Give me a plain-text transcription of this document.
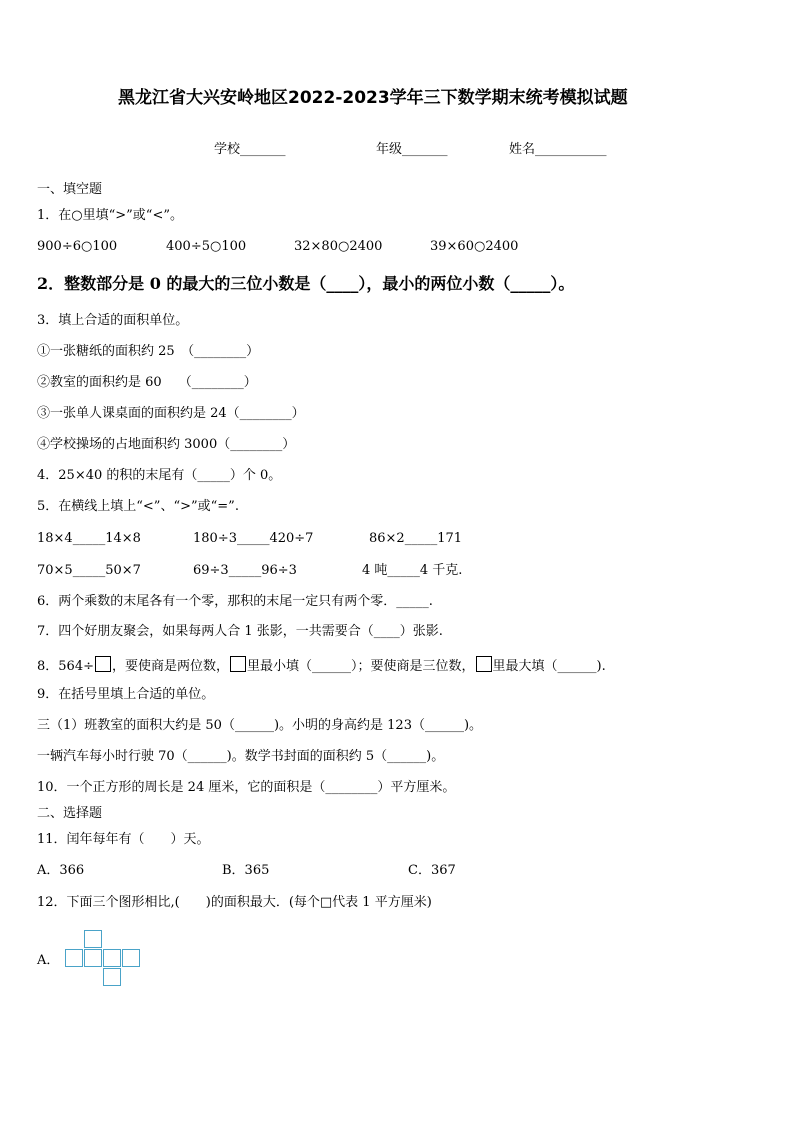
黑龙江省大兴安岭地区2022-2023学年三下数学期末统考模拟试题
学校_______	年级_______	姓名___________
一、填空题
1．在○里填“>”或“<”。
900÷6○100	400÷5○100	32×80○2400	39×60○2400
2．整数部分是 0 的最大的三位小数是（____），最小的两位小数（_____）。
3．填上合适的面积单位。
①一张糖纸的面积约 25　（________）
②教室的面积约是 60　 （________）
③一张单人课桌面的面积约是 24（________）
④学校操场的占地面积约 3000（________）
4．25×40 的积的末尾有（_____）个 0。
5．在横线上填上“<”、“>”或“=”.
18×4_____14×8	180÷3_____420÷7	86×2_____171
70×5_____50×7	69÷3_____96÷3	4 吨_____4 千克.
6．两个乘数的末尾各有一个零，那积的末尾一定只有两个零．_____.
7．四个好朋友聚会，如果每两人合 1 张影，一共需要合（____）张影.
8．564÷ ，要使商是两位数， 里最小填（______）；要使商是三位数， 里最大填（______).
9．在括号里填上合适的单位。
三（1）班教室的面积大约是 50（______)。小明的身高约是 123（______)。
一辆汽车每小时行驶 70（______)。数学书封面的面积约 5（______)。
10．一个正方形的周长是 24 厘米，它的面积是（________）平方厘米。
二、选择题
11．闰年每年有（　　）天。
A．366	B．365	C．367
12．下面三个图形相比,(　　)的面积最大．(每个□代表 1 平方厘米)
A．
